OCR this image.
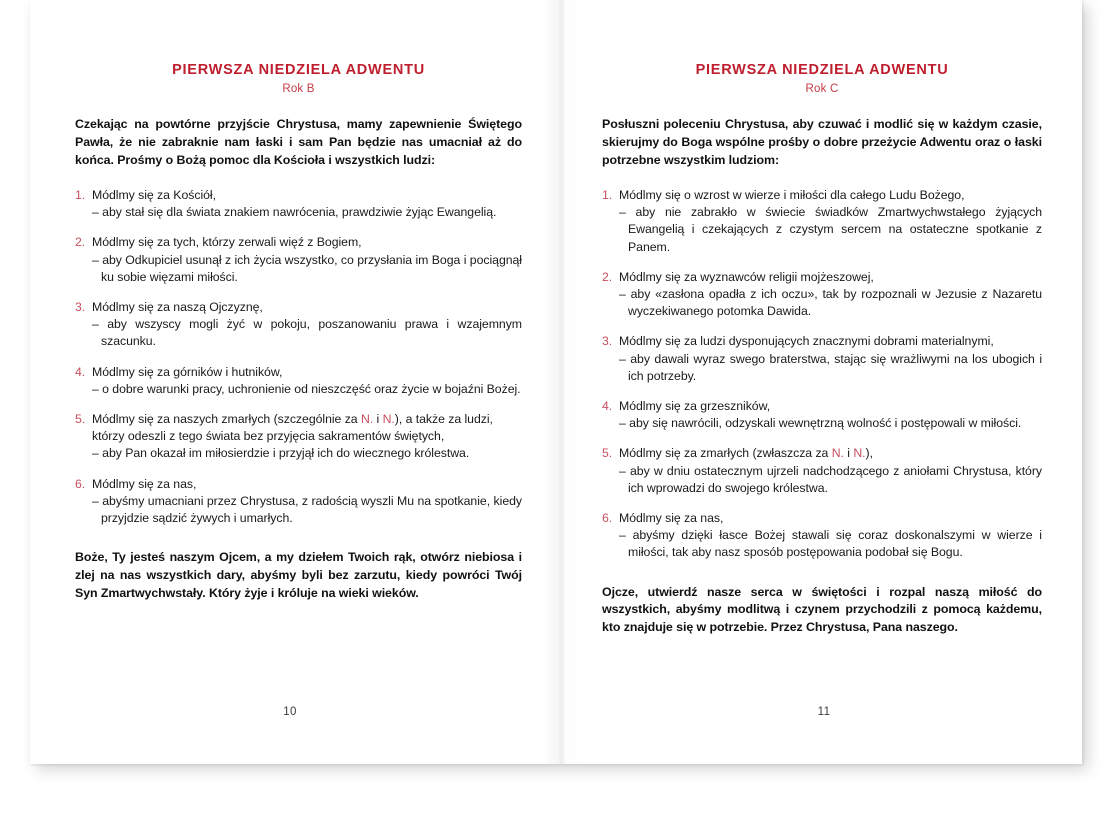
PIERWSZA NIEDZIELA ADWENTU
Rok B

Czekając na powtórne przyjście Chrystusa, mamy zapewnienie Świętego Pawła, że nie zabraknie nam łaski i sam Pan będzie nas umacniał aż do końca. Prośmy o Bożą pomoc dla Kościoła i wszystkich ludzi:

1. Módlmy się za Kościół,
– aby stał się dla świata znakiem nawrócenia, prawdziwie żyjąc Ewangelią.
2. Módlmy się za tych, którzy zerwali więź z Bogiem,
– aby Odkupiciel usunął z ich życia wszystko, co przysłania im Boga i pociągnął ku sobie więzami miłości.
3. Módlmy się za naszą Ojczyznę,
– aby wszyscy mogli żyć w pokoju, poszanowaniu prawa i wzajemnym szacunku.
4. Módlmy się za górników i hutników,
– o dobre warunki pracy, uchronienie od nieszczęść oraz życie w bojaźni Bożej.
5. Módlmy się za naszych zmarłych (szczególnie za N. i N.), a także za ludzi, którzy odeszli z tego świata bez przyjęcia sakramentów świętych,
– aby Pan okazał im miłosierdzie i przyjął ich do wiecznego królestwa.
6. Módlmy się za nas,
– abyśmy umacniani przez Chrystusa, z radością wyszli Mu na spotkanie, kiedy przyjdzie sądzić żywych i umarłych.

Boże, Ty jesteś naszym Ojcem, a my dziełem Twoich rąk, otwórz niebiosa i zlej na nas wszystkich dary, abyśmy byli bez zarzutu, kiedy powróci Twój Syn Zmartwychwstały. Który żyje i króluje na wieki wieków.

10
PIERWSZA NIEDZIELA ADWENTU
Rok C

Posłuszni poleceniu Chrystusa, aby czuwać i modlić się w każdym czasie, skierujmy do Boga wspólne prośby o dobre przeżycie Adwentu oraz o łaski potrzebne wszystkim ludziom:

1. Módlmy się o wzrost w wierze i miłości dla całego Ludu Bożego,
– aby nie zabrakło w świecie świadków Zmartwychwstałego żyjących Ewangelią i czekających z czystym sercem na ostateczne spotkanie z Panem.
2. Módlmy się za wyznawców religii mojżeszowej,
– aby «zasłona opadła z ich oczu», tak by rozpoznali w Jezusie z Nazaretu wyczekiwanego potomka Dawida.
3. Módlmy się za ludzi dysponujących znacznymi dobrami materialnymi,
– aby dawali wyraz swego braterstwa, stając się wrażliwymi na los ubogich i ich potrzeby.
4. Módlmy się za grzeszników,
– aby się nawrócili, odzyskali wewnętrzną wolność i postępowali w miłości.
5. Módlmy się za zmarłych (zwłaszcza za N. i N.),
– aby w dniu ostatecznym ujrzeli nadchodzącego z aniołami Chrystusa, który ich wprowadzi do swojego królestwa.
6. Módlmy się za nas,
– abyśmy dzięki łasce Bożej stawali się coraz doskonalszymi w wierze i miłości, tak aby nasz sposób postępowania podobał się Bogu.

Ojcze, utwierdź nasze serca w świętości i rozpal naszą miłość do wszystkich, abyśmy modlitwą i czynem przychodzili z pomocą każdemu, kto znajduje się w potrzebie. Przez Chrystusa, Pana naszego.

11
